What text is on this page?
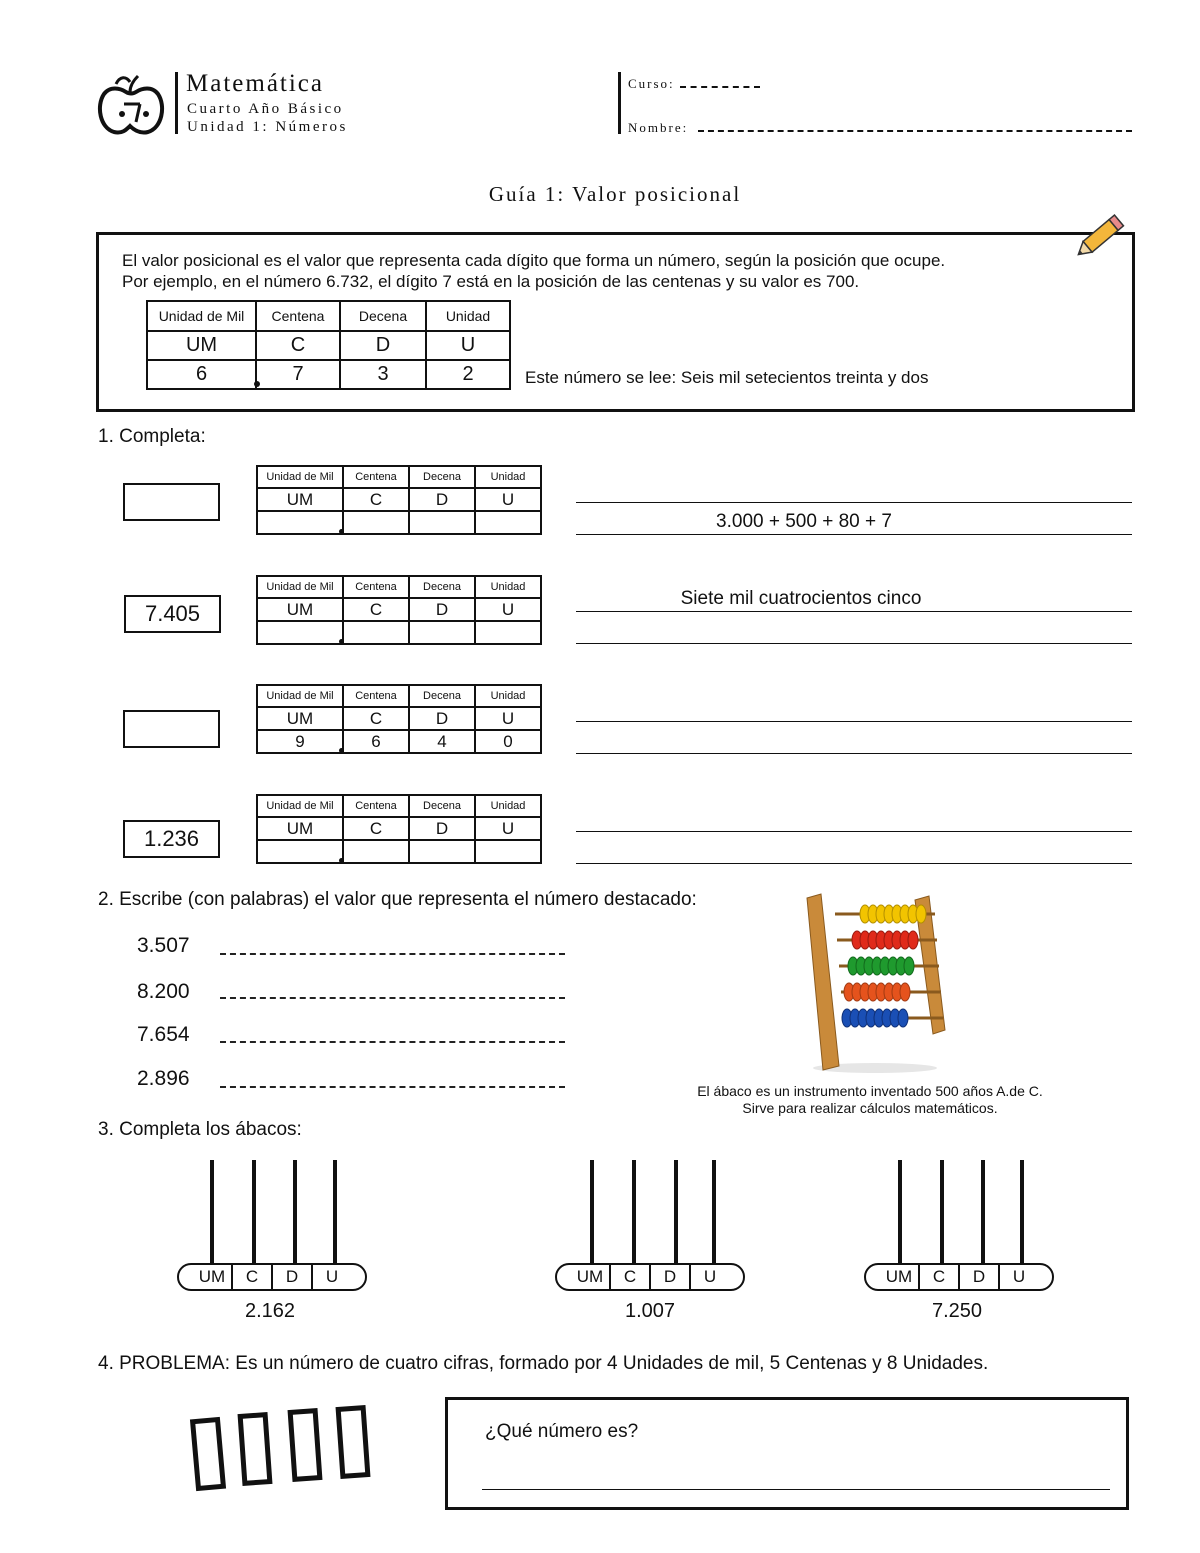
Matemática
Cuarto Año Básico
Unidad 1: Números
Curso:
Nombre:
Guía 1: Valor posicional
El valor posicional es el valor que representa cada dígito que forma un número, según la posición que ocupe.
Por ejemplo, en el número 6.732, el dígito 7 está en la posición de las centenas y su valor es 700.
Unidad de Mil	Centena	Decena	Unidad
UM	C	D	U
6	7	3	2	Este número se lee: Seis mil setecientos treinta y dos
1. Completa:
Unidad de Mil	Centena	Decena	Unidad
UM	C	D	U

3.000 + 500 + 80 + 7
7.405
Unidad de Mil	Centena	Decena	Unidad
UM	C	D	U
				Siete mil cuatrocientos cinco
Unidad de Mil	Centena	Decena	Unidad
UM	C	D	U
9	6	4	0
1.236
Unidad de Mil	Centena	Decena	Unidad
UM	C	D	U

2. Escribe (con palabras) el valor que representa el número destacado:
3.507
8.200
7.654
2.896
El ábaco es un instrumento inventado 500 años A.de C.
Sirve para realizar cálculos matemáticos.
3. Completa los ábacos:
UM	C	D	U
2.162
UM	C	D	U
1.007
UM	C	D	U
7.250
4. PROBLEMA: Es un número de cuatro cifras, formado por 4 Unidades de mil, 5 Centenas y 8 Unidades.
¿Qué número es?
